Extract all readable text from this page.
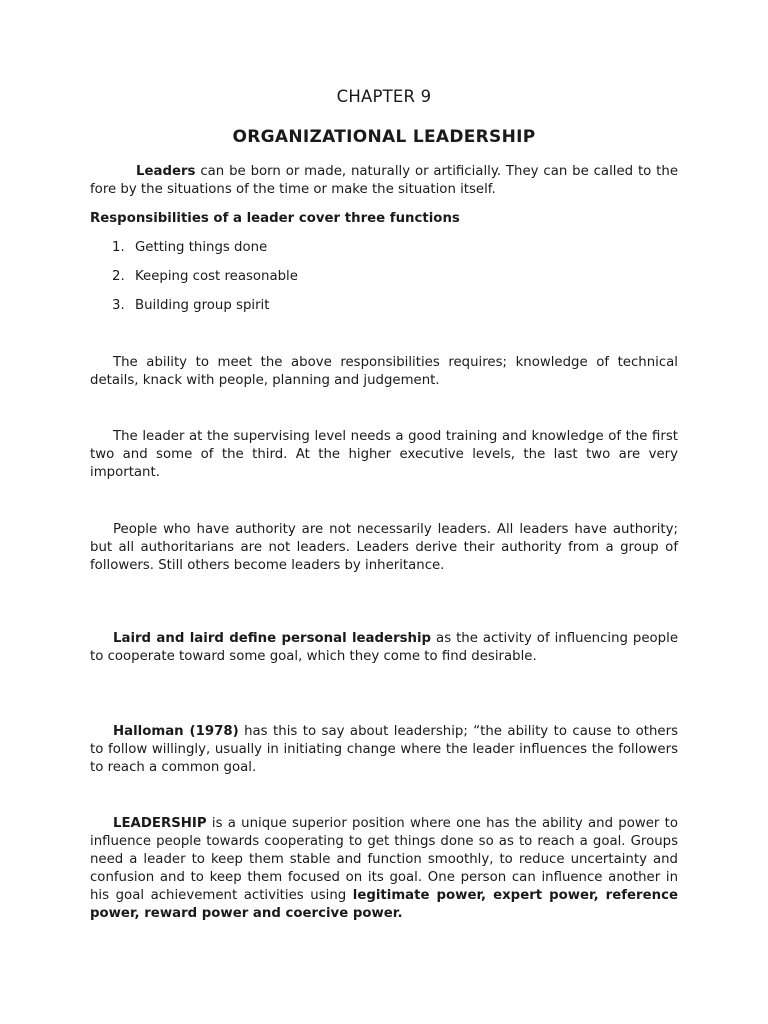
CHAPTER 9
ORGANIZATIONAL LEADERSHIP

Leaders can be born or made, naturally or artificially. They can be called to the fore by the situations of the time or make the situation itself.

Responsibilities of a leader cover three functions
1. Getting things done
2. Keeping cost reasonable
3. Building group spirit

The ability to meet the above responsibilities requires; knowledge of technical details, knack with people, planning and judgement.

The leader at the supervising level needs a good training and knowledge of the first two and some of the third. At the higher executive levels, the last two are very important.

People who have authority are not necessarily leaders. All leaders have authority; but all authoritarians are not leaders. Leaders derive their authority from a group of followers. Still others become leaders by inheritance.

Laird and laird define personal leadership as the activity of influencing people to cooperate toward some goal, which they come to find desirable.

Halloman (1978) has this to say about leadership; “the ability to cause to others to follow willingly, usually in initiating change where the leader influences the followers to reach a common goal.

LEADERSHIP is a unique superior position where one has the ability and power to influence people towards cooperating to get things done so as to reach a goal. Groups need a leader to keep them stable and function smoothly, to reduce uncertainty and confusion and to keep them focused on its goal. One person can influence another in his goal achievement activities using legitimate power, expert power, reference power, reward power and coercive power.
